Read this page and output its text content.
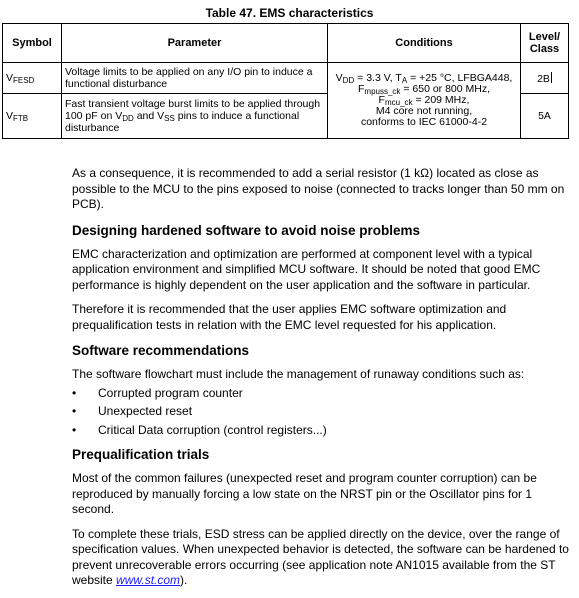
Table 47. EMS characteristics
Symbol	Parameter	Conditions	Level/
Class
$V_{FESD}$	Voltage limits to be applied on any I/O pin to induce a functional disturbance	$V_{DD} = 3.3$ V, $T_A = +25$ °C, LFBGA448,
$F_{mpuss\_ck} = 650$ or 800 MHz,
$F_{mcu\_ck} = 209$ MHz,
M4 core not running,
conforms to IEC 61000-4-2	2B
$V_{FTB}$	Fast transient voltage burst limits to be applied through 100 pF on $V_{DD}$ and $V_{SS}$ pins to induce a functional disturbance		5A

As a consequence, it is recommended to add a serial resistor (1 kΩ) located as close as possible to the MCU to the pins exposed to noise (connected to tracks longer than 50 mm on PCB).

Designing hardened software to avoid noise problems

EMC characterization and optimization are performed at component level with a typical application environment and simplified MCU software. It should be noted that good EMC performance is highly dependent on the user application and the software in particular.

Therefore it is recommended that the user applies EMC software optimization and prequalification tests in relation with the EMC level requested for his application.

Software recommendations

The software flowchart must include the management of runaway conditions such as:

• Corrupted program counter
• Unexpected reset
• Critical Data corruption (control registers...)
Prequalification trials

Most of the common failures (unexpected reset and program counter corruption) can be reproduced by manually forcing a low state on the NRST pin or the Oscillator pins for 1 second.

To complete these trials, ESD stress can be applied directly on the device, over the range of specification values. When unexpected behavior is detected, the software can be hardened to prevent unrecoverable errors occurring (see application note AN1015 available from the ST website www.st.com).
